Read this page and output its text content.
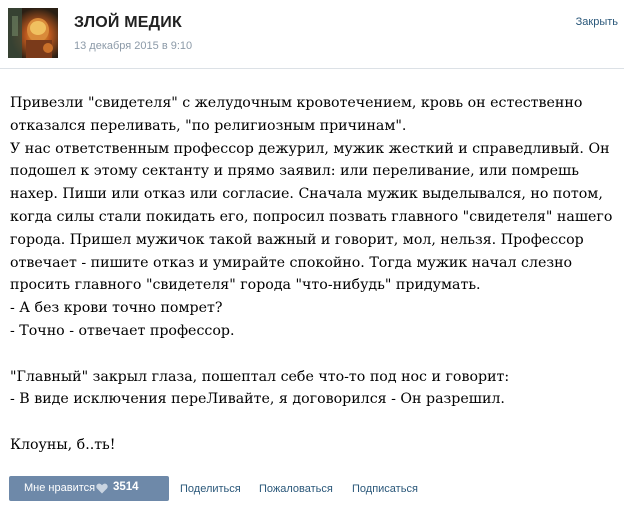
ЗЛОЙ МЕДИК
13 декабря 2015 в 9:10
Закрыть

Привезли "свидетеля" с желудочным кровотечением, кровь он естественно отказался переливать, "по религиозным причинам".

У нас ответственным профессор дежурил, мужик жесткий и справедливый. Он подошел к этому сектанту и прямо заявил: или переливание, или помрешь нахер. Пиши или отказ или согласие. Сначала мужик выделывался, но потом, когда силы стали покидать его, попросил позвать главного "свидетеля" нашего города. Пришел мужичок такой важный и говорит, мол, нельзя. Профессор отвечает - пишите отказ и умирайте спокойно. Тогда мужик начал слезно просить главного "свидетеля" города "что-нибудь" придумать.

- А без крови точно помрет?

- Точно - отвечает профессор.

"Главный" закрыл глаза, пошептал себе что-то под нос и говорит:

- В виде исключения переЛивайте, я договорился - Он разрешил.

Клоуны, б..ть!

Мне нравится 3514	Поделиться Пожаловаться Подписаться
